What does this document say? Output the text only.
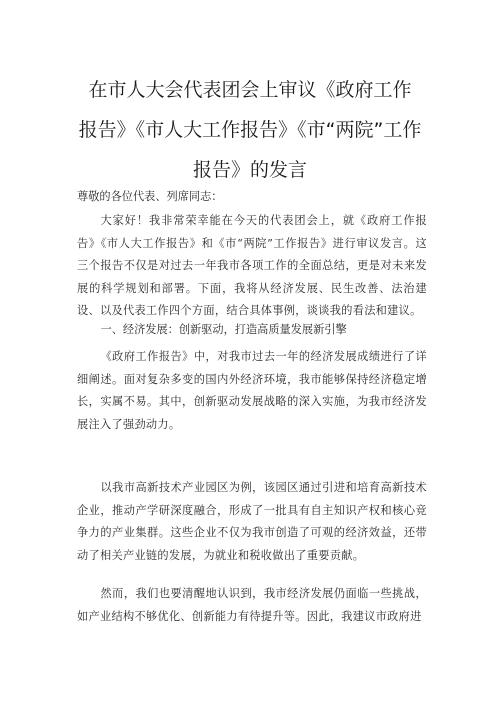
在市人大会代表团会上审议《政府工作
报告》《市人大工作报告》《市“两院”工作
报告》的发言
尊敬的各位代表、列席同志：

大家好！我非常荣幸能在今天的代表团会上，就《政府工作报告》《市人大工作报告》和《市“两院”工作报告》进行审议发言。这三个报告不仅是对过去一年我市各项工作的全面总结，更是对未来发展的科学规划和部署。下面，我将从经济发展、民生改善、法治建设、以及代表工作四个方面，结合具体事例，谈谈我的看法和建议。

一、经济发展：创新驱动，打造高质量发展新引擎

《政府工作报告》中，对我市过去一年的经济发展成绩进行了详细阐述。面对复杂多变的国内外经济环境，我市能够保持经济稳定增长，实属不易。其中，创新驱动发展战略的深入实施，为我市经济发展注入了强劲动力。

以我市高新技术产业园区为例，该园区通过引进和培育高新技术企业，推动产学研深度融合，形成了一批具有自主知识产权和核心竞争力的产业集群。这些企业不仅为我市创造了可观的经济效益，还带动了相关产业链的发展，为就业和税收做出了重要贡献。

然而，我们也要清醒地认识到，我市经济发展仍面临一些挑战，如产业结构不够优化、创新能力有待提升等。因此，我建议市政府进
